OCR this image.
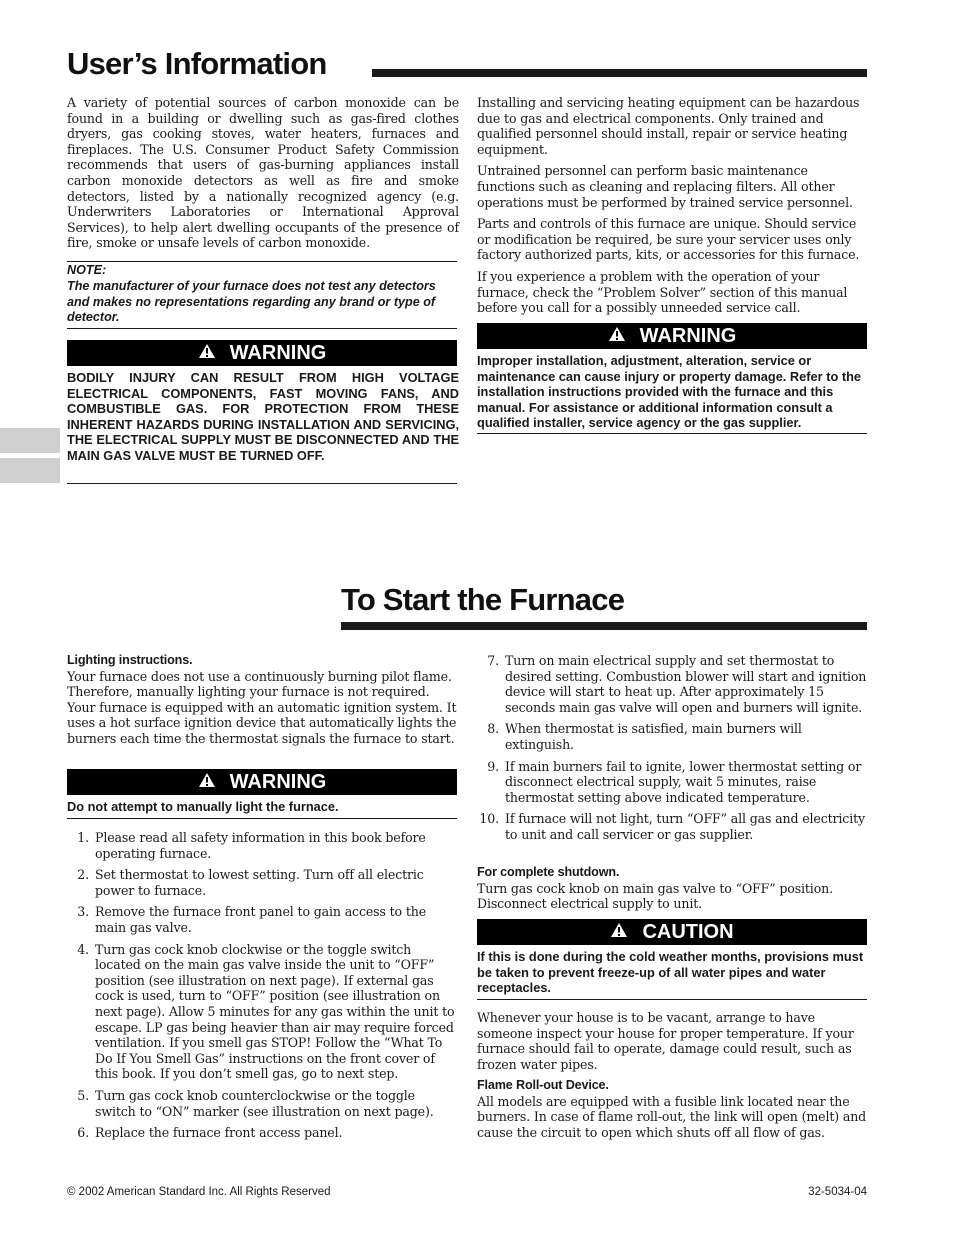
User’s Information
A variety of potential sources of carbon monoxide can be found in a building or dwelling such as gas-fired clothes dryers, gas cooking stoves, water heaters, furnaces and fireplaces. The U.S. Consumer Product Safety Commission recommends that users of gas-burning appliances install carbon monoxide detectors as well as fire and smoke detectors, listed by a nationally recognized agency (e.g. Underwriters Laboratories or International Approval Services), to help alert dwelling occupants of the presence of fire, smoke or unsafe levels of carbon monoxide.
NOTE:
The manufacturer of your furnace does not test any detectors and makes no representations regarding any brand or type of detector.
WARNING
BODILY INJURY CAN RESULT FROM HIGH VOLTAGE ELECTRICAL COMPONENTS, FAST MOVING FANS, AND COMBUSTIBLE GAS. FOR PROTECTION FROM THESE INHERENT HAZARDS DURING INSTALLATION AND SERVICING, THE ELECTRICAL SUPPLY MUST BE DISCONNECTED AND THE MAIN GAS VALVE MUST BE TURNED OFF.

Installing and servicing heating equipment can be hazardous due to gas and electrical components. Only trained and qualified personnel should install, repair or service heating equipment.

Untrained personnel can perform basic maintenance functions such as cleaning and replacing filters. All other operations must be performed by trained service personnel.

Parts and controls of this furnace are unique. Should service or modification be required, be sure your servicer uses only factory authorized parts, kits, or accessories for this furnace.

If you experience a problem with the operation of your furnace, check the “Problem Solver” section of this manual before you call for a possibly unneeded service call.

WARNING
Improper installation, adjustment, alteration, service or maintenance can cause injury or property damage. Refer to the installation instructions provided with the furnace and this manual. For assistance or additional information consult a qualified installer, service agency or the gas supplier.
To Start the Furnace
Lighting instructions.
Your furnace does not use a continuously burning pilot flame. Therefore, manually lighting your furnace is not required. Your furnace is equipped with an automatic ignition system. It uses a hot surface ignition device that automatically lights the burners each time the thermostat signals the furnace to start.
WARNING
Do not attempt to manually light the furnace.
1. Please read all safety information in this book before operating furnace.
2. Set thermostat to lowest setting. Turn off all electric power to furnace.
3. Remove the furnace front panel to gain access to the main gas valve.
4. Turn gas cock knob clockwise or the toggle switch located on the main gas valve inside the unit to “OFF” position (see illustration on next page). If external gas cock is used, turn to “OFF” position (see illustration on next page). Allow 5 minutes for any gas within the unit to escape. LP gas being heavier than air may require forced ventilation. If you smell gas STOP! Follow the “What To Do If You Smell Gas” instructions on the front cover of this book. If you don’t smell gas, go to next step.
5. Turn gas cock knob counterclockwise or the toggle switch to “ON” marker (see illustration on next page).
6. Replace the furnace front access panel.
7. Turn on main electrical supply and set thermostat to desired setting. Combustion blower will start and ignition device will start to heat up. After approximately 15 seconds main gas valve will open and burners will ignite.
8. When thermostat is satisfied, main burners will extinguish.
9. If main burners fail to ignite, lower thermostat setting or disconnect electrical supply, wait 5 minutes, raise thermostat setting above indicated temperature.
10. If furnace will not light, turn “OFF” all gas and electricity to unit and call servicer or gas supplier.
For complete shutdown.
Turn gas cock knob on main gas valve to “OFF” position. Disconnect electrical supply to unit.
CAUTION
If this is done during the cold weather months, provisions must be taken to prevent freeze-up of all water pipes and water receptacles.
Whenever your house is to be vacant, arrange to have someone inspect your house for proper temperature. If your furnace should fail to operate, damage could result, such as frozen water pipes.
Flame Roll-out Device.
All models are equipped with a fusible link located near the burners. In case of flame roll-out, the link will open (melt) and cause the circuit to open which shuts off all flow of gas.
© 2002 American Standard Inc. All Rights Reserved	32-5034-04
